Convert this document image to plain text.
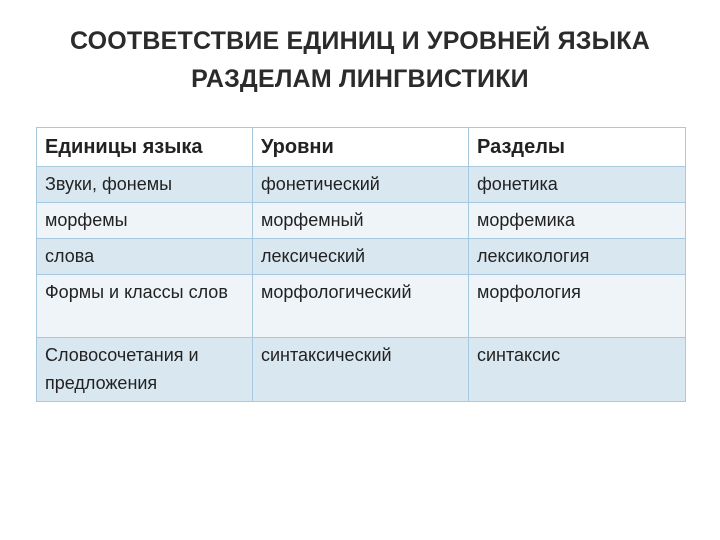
СООТВЕТСТВИЕ ЕДИНИЦ И УРОВНЕЙ ЯЗЫКА
РАЗДЕЛАМ ЛИНГВИСТИКИ
Единицы языка	Уровни	Разделы
Звуки, фонемы	фонетический	фонетика
морфемы	морфемный	морфемика
слова	лексический	лексикология
Формы и классы слов	морфологический	морфология
Словосочетания и предложения	синтаксический	синтаксис
